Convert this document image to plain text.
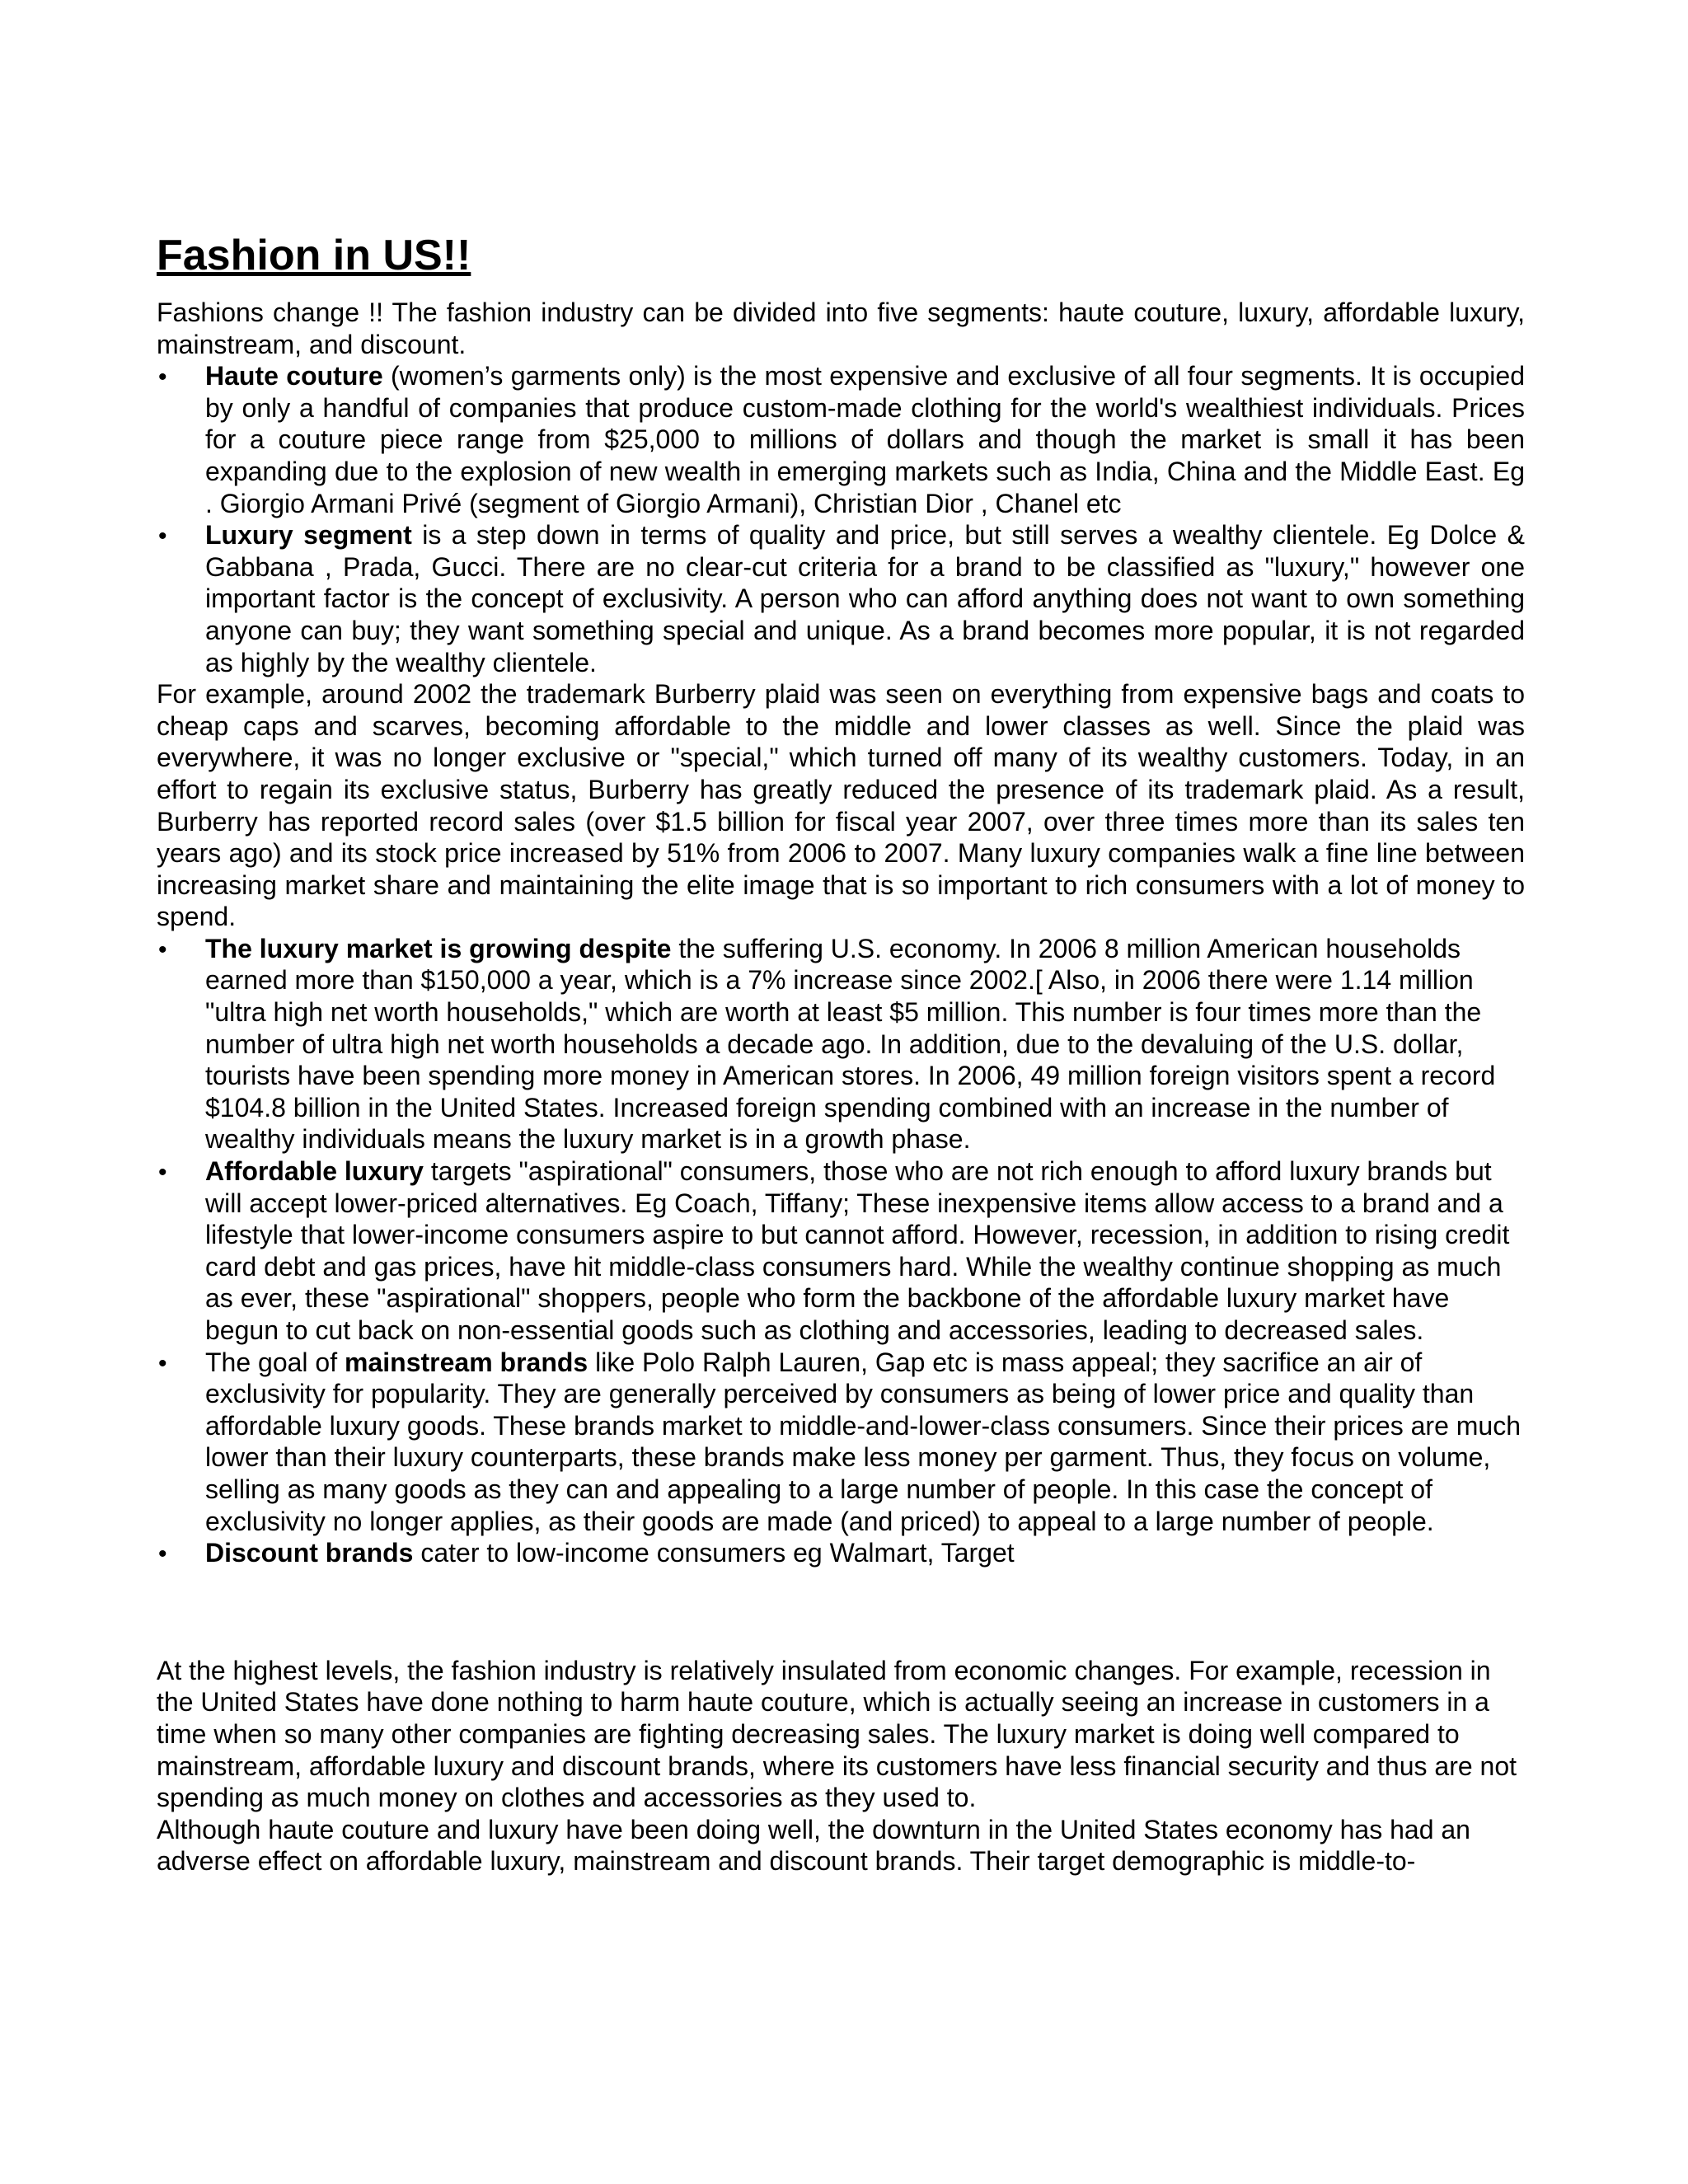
Fashion in US!!

Fashions change !! The fashion industry can be divided into five segments: haute couture, luxury, affordable luxury, mainstream, and discount.

• Haute couture (women’s garments only) is the most expensive and exclusive of all four segments. It is occupied by only a handful of companies that produce custom-made clothing for the world's wealthiest individuals. Prices for a couture piece range from $25,000 to millions of dollars and though the market is small it has been expanding due to the explosion of new wealth in emerging markets such as India, China and the Middle East. Eg . Giorgio Armani Privé (segment of Giorgio Armani), Christian Dior , Chanel etc
• Luxury segment is a step down in terms of quality and price, but still serves a wealthy clientele. Eg Dolce & Gabbana , Prada, Gucci. There are no clear-cut criteria for a brand to be classified as "luxury," however one important factor is the concept of exclusivity. A person who can afford anything does not want to own something anyone can buy; they want something special and unique. As a brand becomes more popular, it is not regarded as highly by the wealthy clientele.

For example, around 2002 the trademark Burberry plaid was seen on everything from expensive bags and coats to cheap caps and scarves, becoming affordable to the middle and lower classes as well. Since the plaid was everywhere, it was no longer exclusive or "special," which turned off many of its wealthy customers. Today, in an effort to regain its exclusive status, Burberry has greatly reduced the presence of its trademark plaid. As a result, Burberry has reported record sales (over $1.5 billion for fiscal year 2007, over three times more than its sales ten years ago) and its stock price increased by 51% from 2006 to 2007. Many luxury companies walk a fine line between increasing market share and maintaining the elite image that is so important to rich consumers with a lot of money to spend.

• The luxury market is growing despite the suffering U.S. economy. In 2006 8 million American households earned more than $150,000 a year, which is a 7% increase since 2002.[ Also, in 2006 there were 1.14 million "ultra high net worth households," which are worth at least $5 million. This number is four times more than the number of ultra high net worth households a decade ago. In addition, due to the devaluing of the U.S. dollar, tourists have been spending more money in American stores. In 2006, 49 million foreign visitors spent a record $104.8 billion in the United States. Increased foreign spending combined with an increase in the number of wealthy individuals means the luxury market is in a growth phase.
• Affordable luxury targets "aspirational" consumers, those who are not rich enough to afford luxury brands but will accept lower-priced alternatives. Eg Coach, Tiffany; These inexpensive items allow access to a brand and a lifestyle that lower-income consumers aspire to but cannot afford. However, recession, in addition to rising credit card debt and gas prices, have hit middle-class consumers hard. While the wealthy continue shopping as much as ever, these "aspirational" shoppers, people who form the backbone of the affordable luxury market have begun to cut back on non-essential goods such as clothing and accessories, leading to decreased sales.
• The goal of mainstream brands like Polo Ralph Lauren, Gap etc is mass appeal; they sacrifice an air of exclusivity for popularity. They are generally perceived by consumers as being of lower price and quality than affordable luxury goods. These brands market to middle-and-lower-class consumers. Since their prices are much lower than their luxury counterparts, these brands make less money per garment. Thus, they focus on volume, selling as many goods as they can and appealing to a large number of people. In this case the concept of exclusivity no longer applies, as their goods are made (and priced) to appeal to a large number of people.
• Discount brands cater to low-income consumers eg Walmart, Target

At the highest levels, the fashion industry is relatively insulated from economic changes. For example, recession in the United States have done nothing to harm haute couture, which is actually seeing an increase in customers in a time when so many other companies are fighting decreasing sales. The luxury market is doing well compared to mainstream, affordable luxury and discount brands, where its customers have less financial security and thus are not spending as much money on clothes and accessories as they used to.

Although haute couture and luxury have been doing well, the downturn in the United States economy has had an adverse effect on affordable luxury, mainstream and discount brands. Their target demographic is middle-to-
